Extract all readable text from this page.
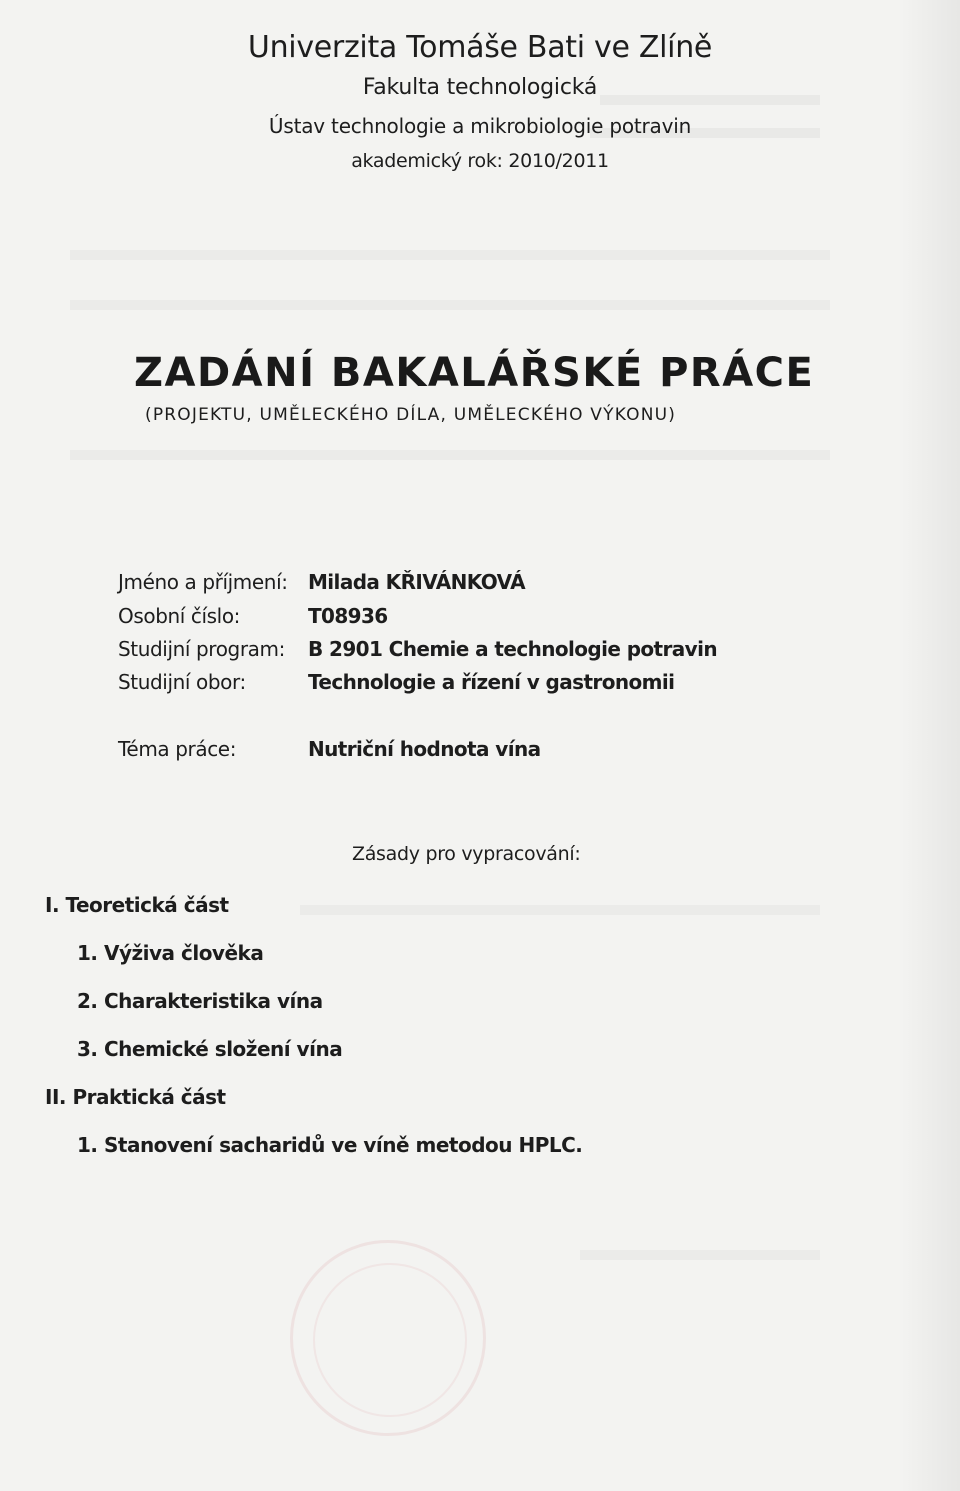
Univerzita Tomáše Bati ve Zlíně
Fakulta technologická
Ústav technologie a mikrobiologie potravin
akademický rok: 2010/2011
ZADÁNÍ BAKALÁŘSKÉ PRÁCE
(PROJEKTU, UMĚLECKÉHO DÍLA, UMĚLECKÉHO VÝKONU)
Jméno a příjmení: Milada KŘIVÁNKOVÁ
Osobní číslo:	T08936
Studijní program: B 2901 Chemie a technologie potravin
Studijní obor:	Technologie a řízení v gastronomii
Téma práce:	Nutriční hodnota vína
Zásady pro vypracování:
I. Teoretická část
1. Výživa člověka
2. Charakteristika vína
3. Chemické složení vína
II. Praktická část
1. Stanovení sacharidů ve víně metodou HPLC.
